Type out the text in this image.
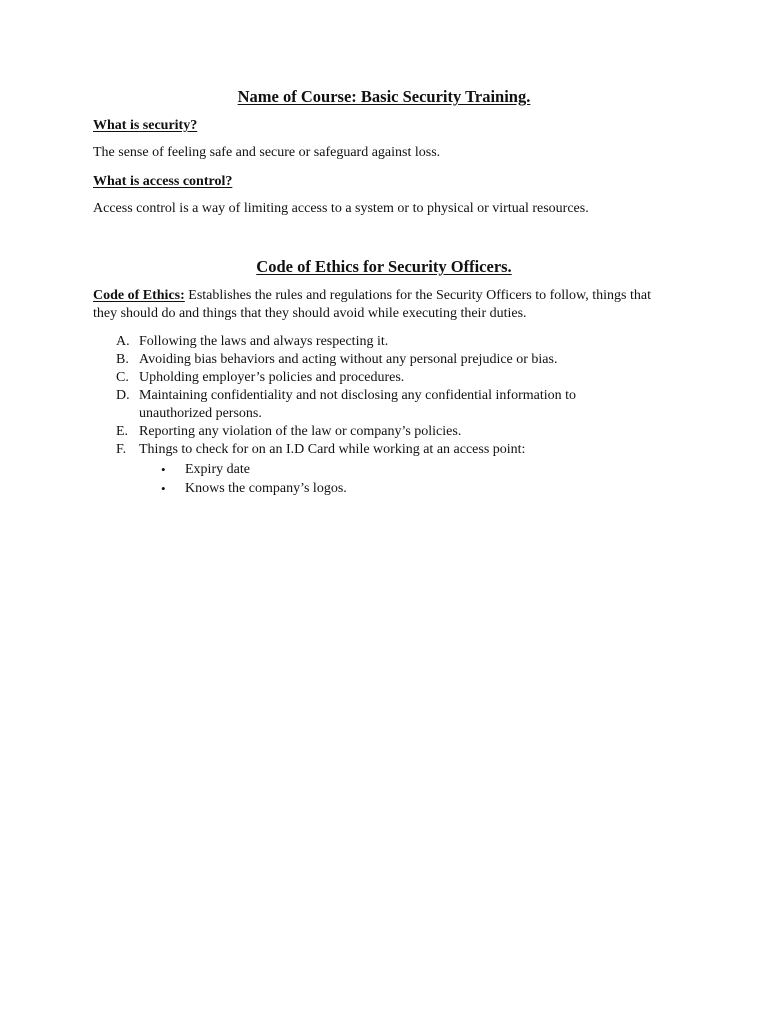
Name of Course: Basic Security Training.
What is security?
The sense of feeling safe and secure or safeguard against loss.
What is access control?
Access control is a way of limiting access to a system or to physical or virtual resources.
Code of Ethics for Security Officers.
Code of Ethics: Establishes the rules and regulations for the Security Officers to follow, things that they should do and things that they should avoid while executing their duties.
A. Following the laws and always respecting it.
B. Avoiding bias behaviors and acting without any personal prejudice or bias.
C. Upholding employer’s policies and procedures.
D. Maintaining confidentiality and not disclosing any confidential information to unauthorized persons.
E. Reporting any violation of the law or company’s policies.
F. Things to check for on an I.D Card while working at an access point:
• Expiry date
• Knows the company’s logos.
